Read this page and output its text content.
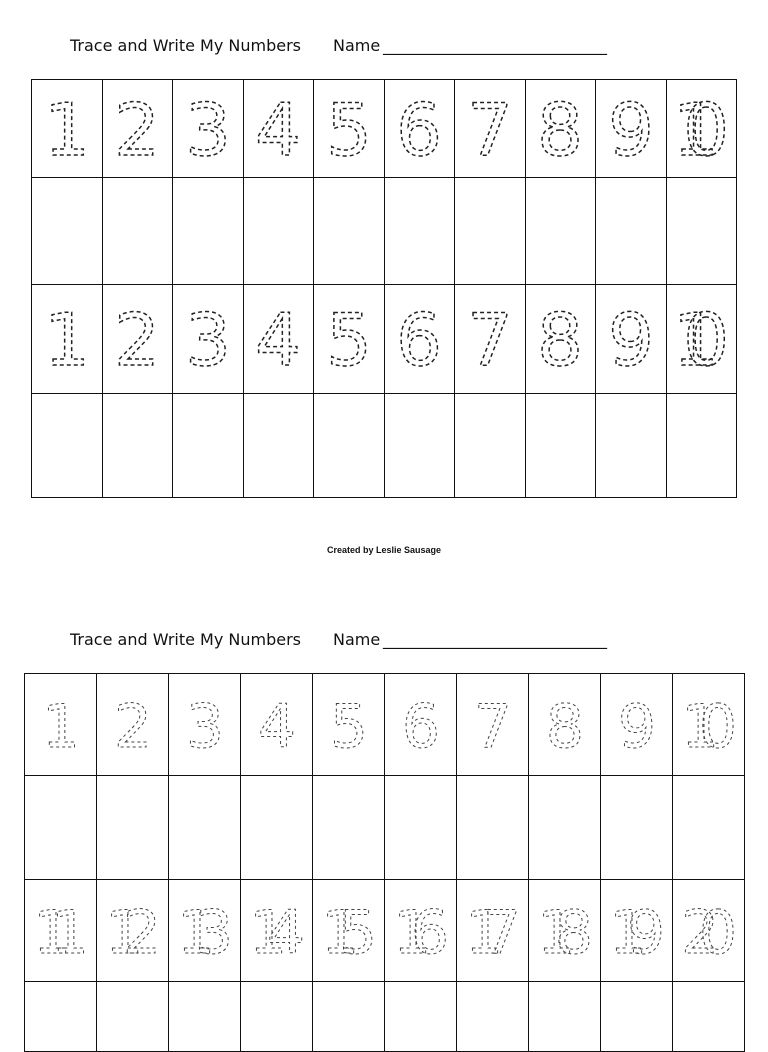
Trace and Write My Numbers Name ____________________________
1	2	3	4	5	6	7	8	9	10

1	2	3	4	5	6	7	8	9	10

Created by Leslie Sausage
Trace and Write My Numbers Name ____________________________
1	2	3	4	5	6	7	8	9	10

11	12	13	14	15	16	17	18	19	20
